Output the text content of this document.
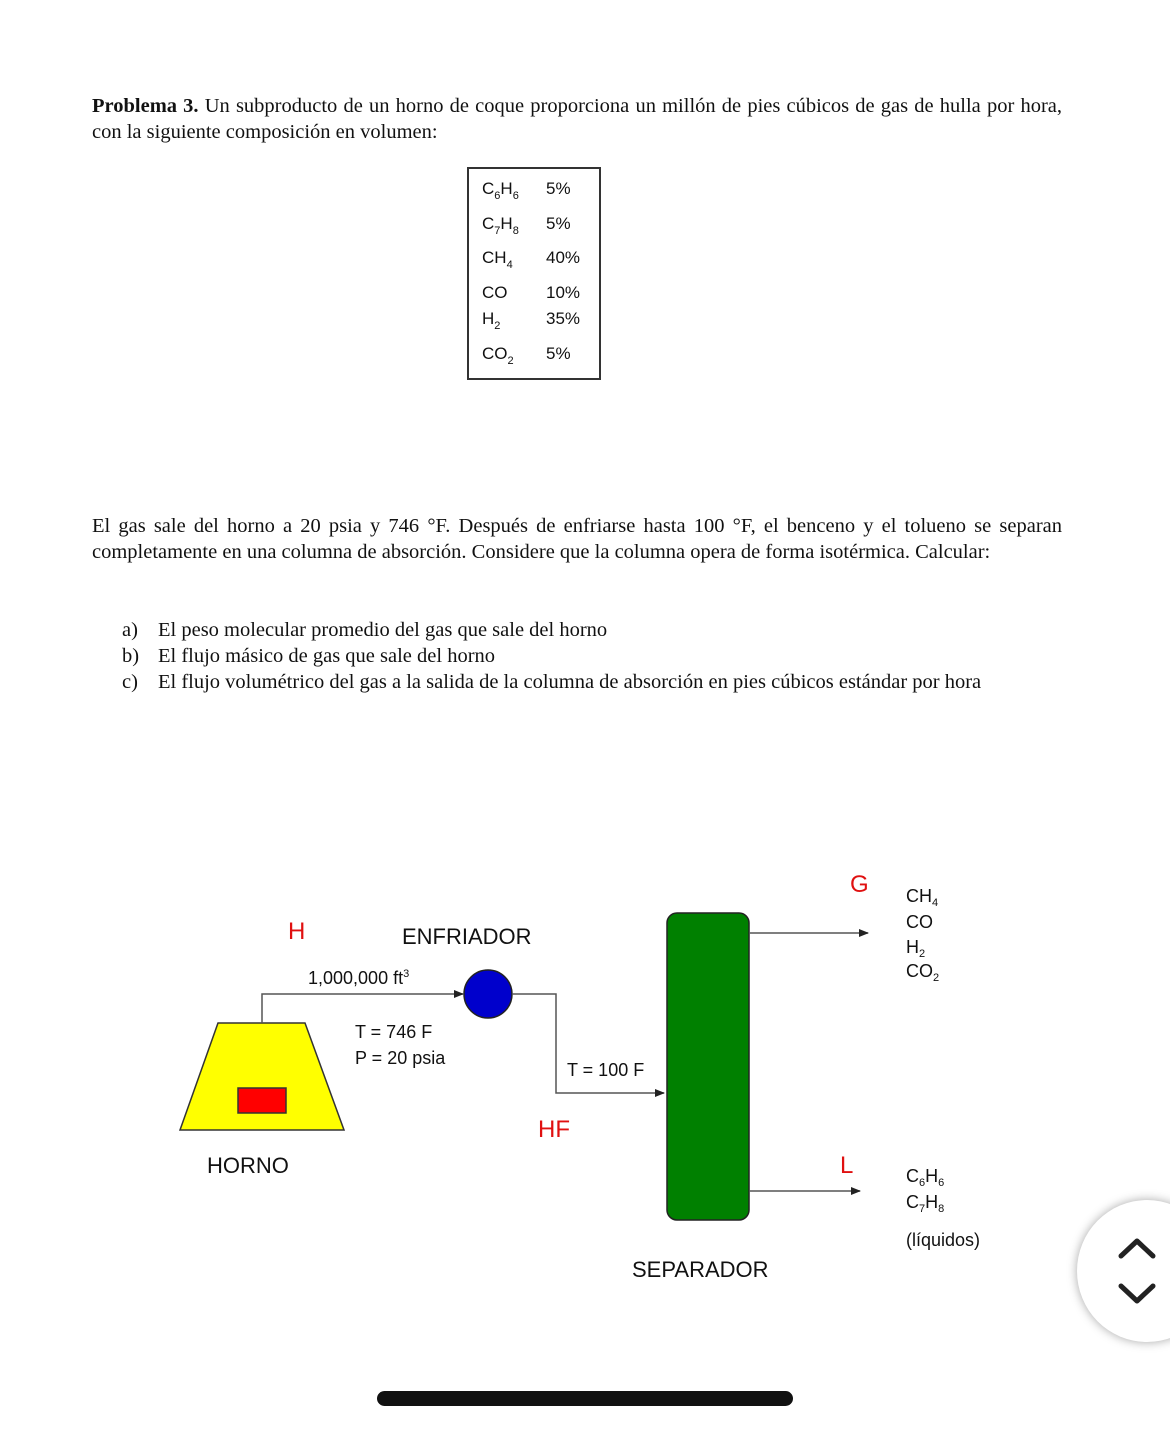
Problema 3. Un subproducto de un horno de coque proporciona un millón de pies cúbicos de gas de hulla por hora, con la siguiente composición en volumen:
$C_6H_6$ 5%
$C_7H_8$ 5%
$CH_4$ 40%
CO 10%
$H_2$	35%
$CO_2$ 5%
El gas sale del horno a 20 psia y 746 °F. Después de enfriarse hasta 100 °F, el benceno y el tolueno se separan completamente en una columna de absorción. Considere que la columna opera de forma isotérmica. Calcular:
a) El peso molecular promedio del gas que sale del horno
b) El flujo másico de gas que sale del horno
c) El flujo volumétrico del gas a la salida de la columna de absorción en pies cúbicos estándar por hora
H	ENFRIADOR
1,000,000 $ft^3$
T = 746 F
P = 20 psia
T = 100 F
HF
HORNO
G
L
SEPARADOR
$CH_4$
CO
$H_2$
$CO_2$
$C_6H_6$
$C_7H_8$
(líquidos)
